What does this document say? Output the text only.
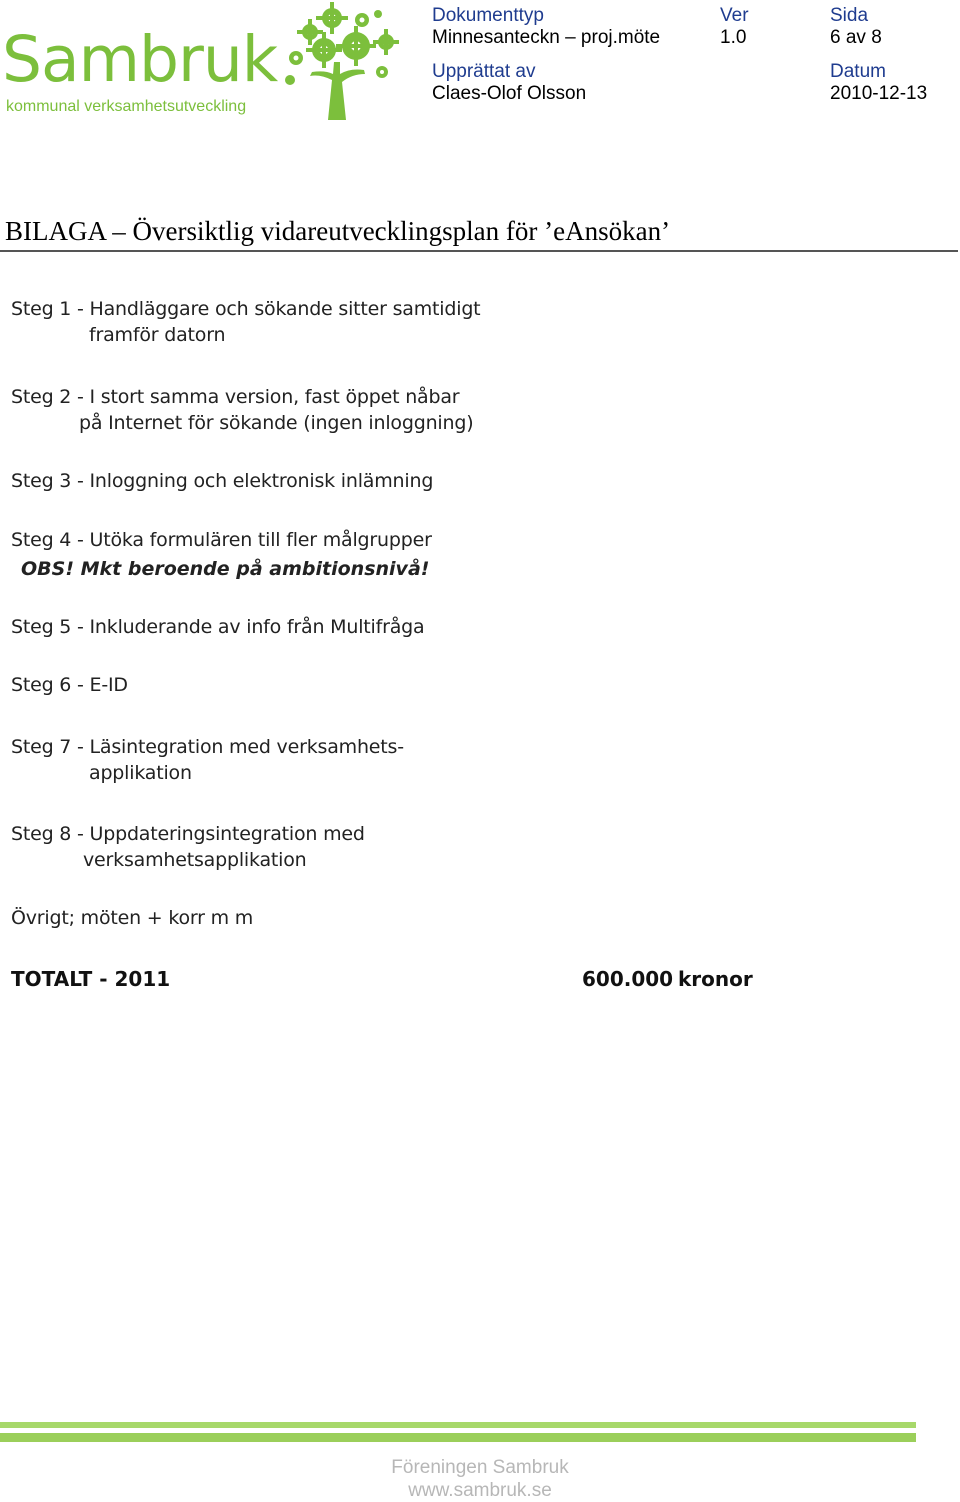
Sambruk
kommunal verksamhetsutveckling
Dokumenttyp
Minnesanteckn – proj.möte
Ver
1.0
Sida
6 av 8
Upprättat av
Claes-Olof Olsson
Datum
2010-12-13
BILAGA – Översiktlig vidareutvecklingsplan för ’eAnsökan’
Steg 1 - Handläggare och sökande sitter samtidigt
framför datorn
Steg 2 - I stort samma version, fast öppet nåbar
på Internet för sökande (ingen inloggning)
Steg 3 - Inloggning och elektronisk inlämning
Steg 4 - Utöka formulären till fler målgrupper
OBS! Mkt beroende på ambitionsnivå!
Steg 5 - Inkluderande av info från Multifråga
Steg 6 - E-ID
Steg 7 - Läsintegration med verksamhets-
applikation
Steg 8 - Uppdateringsintegration med
verksamhetsapplikation
Övrigt; möten + korr m m
TOTALT - 2011	600.000 kronor
Föreningen Sambruk
www.sambruk.se
